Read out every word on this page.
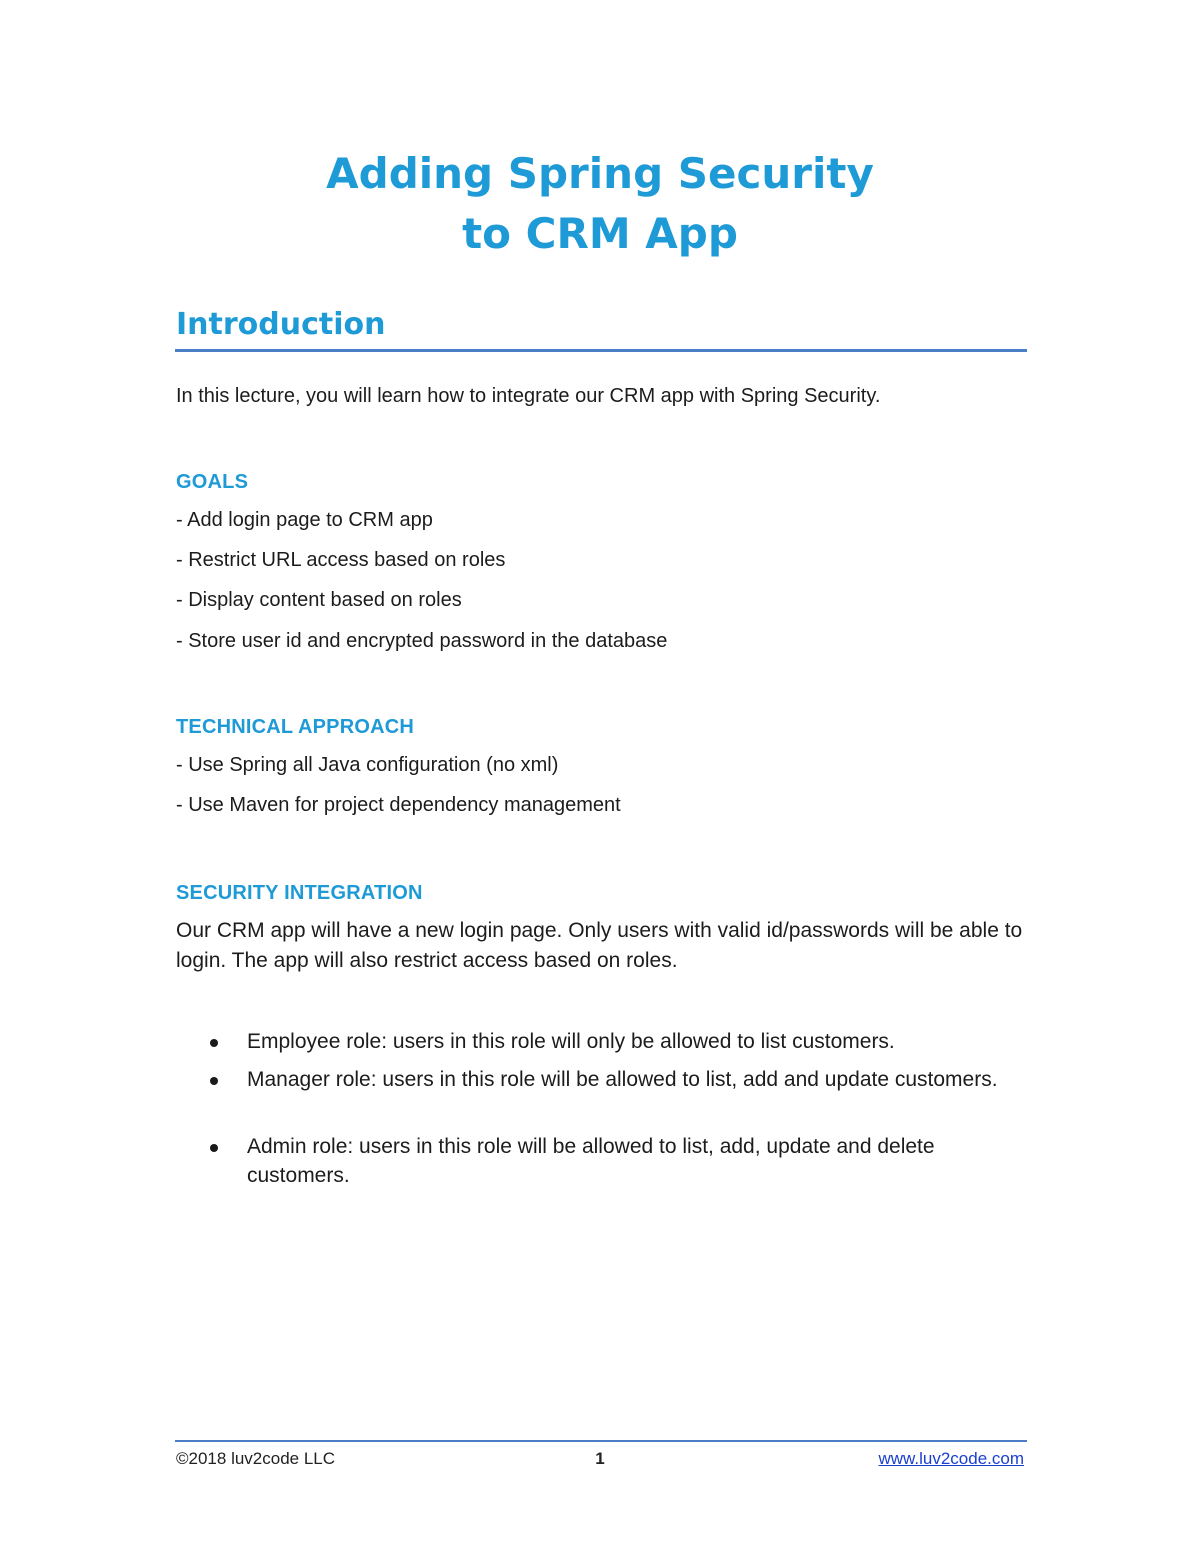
Adding Spring Security
to CRM App
Introduction
In this lecture, you will learn how to integrate our CRM app with Spring Security.
GOALS
- Add login page to CRM app
- Restrict URL access based on roles
- Display content based on roles
- Store user id and encrypted password in the database
TECHNICAL APPROACH
- Use Spring all Java configuration (no xml)
- Use Maven for project dependency management
SECURITY INTEGRATION
Our CRM app will have a new login page. Only users with valid id/passwords will be able to login. The app will also restrict access based on roles.
Employee role: users in this role will only be allowed to list customers.
Manager role: users in this role will be allowed to list, add and update customers.
Admin role: users in this role will be allowed to list, add, update and delete customers.
©2018 luv2code LLC	1	www.luv2code.com
